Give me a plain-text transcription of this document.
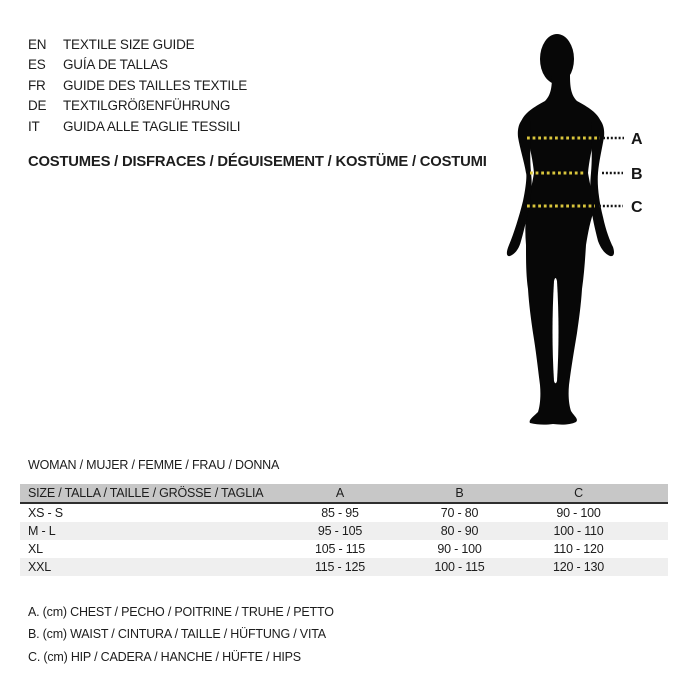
EN	TEXTILE SIZE GUIDE
ES	GUÍA DE TALLAS
FR	GUIDE DES TAILLES TEXTILE
DE	TEXTILGRÖßENFÜHRUNG
IT	GUIDA ALLE TAGLIE TESSILI
COSTUMES / DISFRACES / DÉGUISEMENT / KOSTÜME / COSTUMI
A
B
C
WOMAN / MUJER / FEMME / FRAU / DONNA
SIZE / TALLA / TAILLE / GRÖSSE / TAGLIA	A	B	C	
XS - S	85 - 95	70 - 80	90 - 100	
M - L	95 - 105	80 - 90	100 - 110	
XL	105 - 115	90 - 100	110 - 120	
XXL	115 - 125	100 - 115	120 - 130	
A. (cm) CHEST / PECHO / POITRINE / TRUHE / PETTO
B. (cm) WAIST / CINTURA / TAILLE / HÜFTUNG / VITA
C. (cm) HIP / CADERA / HANCHE / HÜFTE / HIPS
